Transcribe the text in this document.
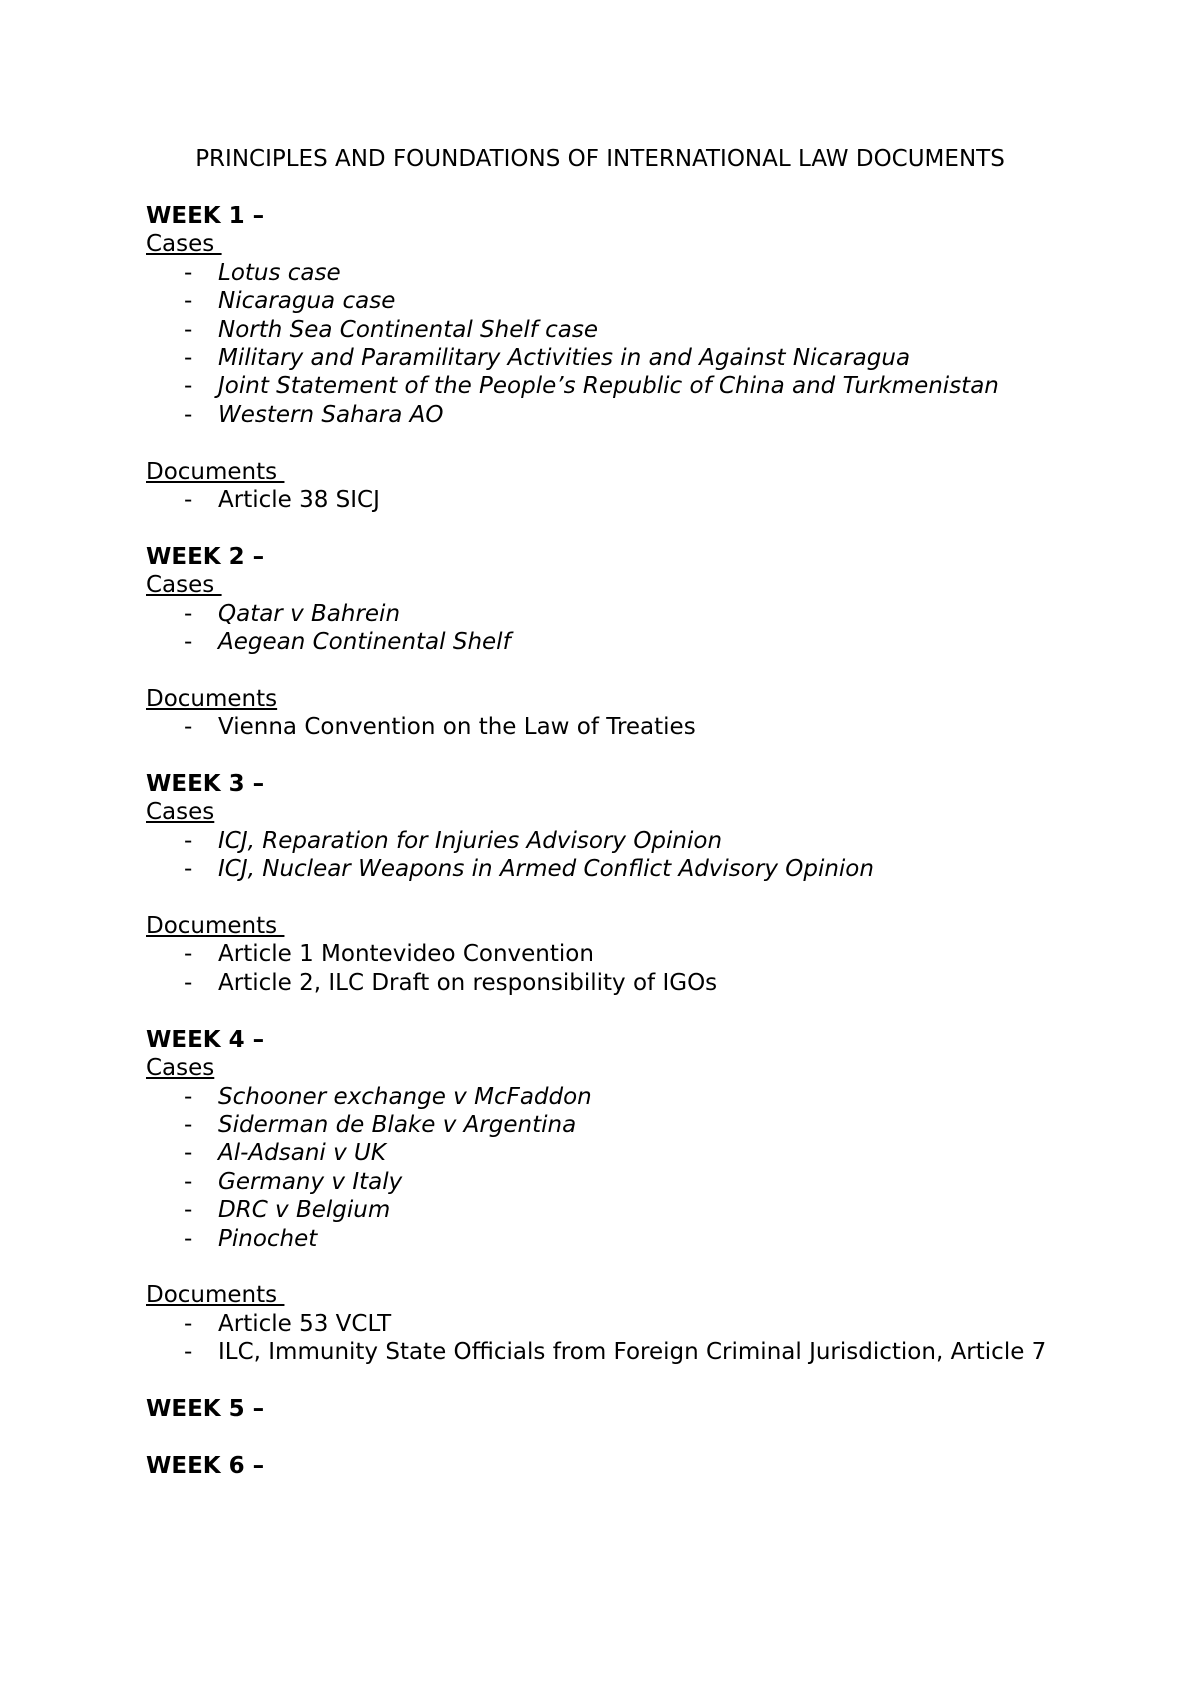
PRINCIPLES AND FOUNDATIONS OF INTERNATIONAL LAW DOCUMENTS

WEEK 1 –

Cases

- Lotus case
- Nicaragua case
- North Sea Continental Shelf case
- Military and Paramilitary Activities in and Against Nicaragua
- Joint Statement of the People’s Republic of China and Turkmenistan
- Western Sahara AO

Documents

- Article 38 SICJ

WEEK 2 –

Cases

- Qatar v Bahrein
- Aegean Continental Shelf

Documents

- Vienna Convention on the Law of Treaties

WEEK 3 –

Cases

- ICJ, Reparation for Injuries Advisory Opinion
- ICJ, Nuclear Weapons in Armed Conflict Advisory Opinion

Documents

- Article 1 Montevideo Convention
- Article 2, ILC Draft on responsibility of IGOs

WEEK 4 –

Cases

- Schooner exchange v McFaddon
- Siderman de Blake v Argentina
- Al-Adsani v UK
- Germany v Italy
- DRC v Belgium
- Pinochet

Documents

- Article 53 VCLT
- ILC, Immunity State Officials from Foreign Criminal Jurisdiction, Article 7

WEEK 5 –

WEEK 6 –
